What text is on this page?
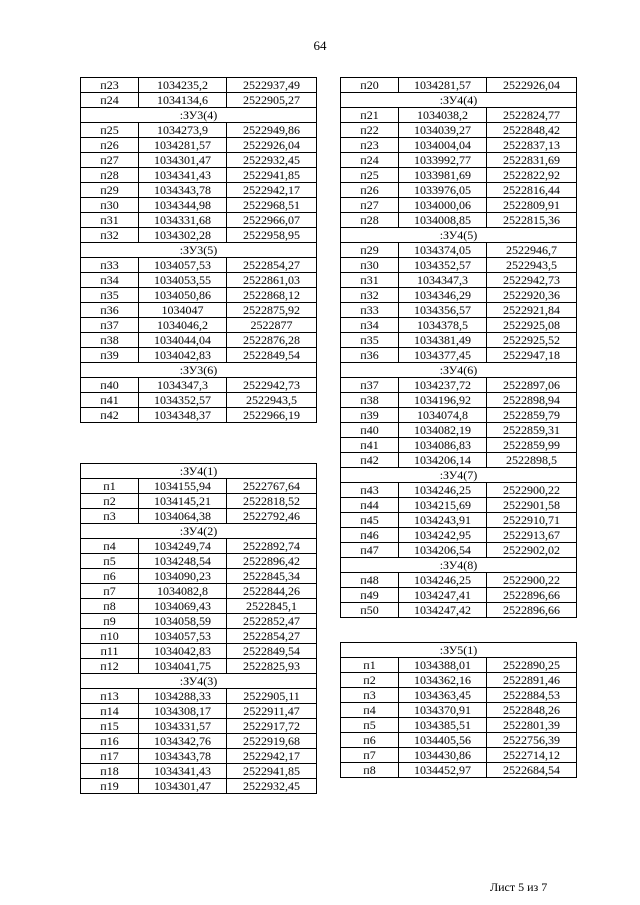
64
п23	1034235,2	2522937,49
п24	1034134,6	2522905,27
:ЗУ3(4)		
п25	1034273,9	2522949,86
п26	1034281,57	2522926,04
п27	1034301,47	2522932,45
п28	1034341,43	2522941,85
п29	1034343,78	2522942,17
п30	1034344,98	2522968,51
п31	1034331,68	2522966,07
п32	1034302,28	2522958,95
:ЗУ3(5)		
п33	1034057,53	2522854,27
п34	1034053,55	2522861,03
п35	1034050,86	2522868,12
п36	1034047	2522875,92
п37	1034046,2	2522877
п38	1034044,04	2522876,28
п39	1034042,83	2522849,54
:ЗУ3(6)		
п40	1034347,3	2522942,73
п41	1034352,57	2522943,5
п42	1034348,37	2522966,19
:ЗУ4(1)		
п1	1034155,94	2522767,64
п2	1034145,21	2522818,52
п3	1034064,38	2522792,46
:ЗУ4(2)		
п4	1034249,74	2522892,74
п5	1034248,54	2522896,42
п6	1034090,23	2522845,34
п7	1034082,8	2522844,26
п8	1034069,43	2522845,1
п9	1034058,59	2522852,47
п10	1034057,53	2522854,27
п11	1034042,83	2522849,54
п12	1034041,75	2522825,93
:ЗУ4(3)		
п13	1034288,33	2522905,11
п14	1034308,17	2522911,47
п15	1034331,57	2522917,72
п16	1034342,76	2522919,68
п17	1034343,78	2522942,17
п18	1034341,43	2522941,85
п19	1034301,47	2522932,45
п20	1034281,57	2522926,04
:ЗУ4(4)		
п21	1034038,2	2522824,77
п22	1034039,27	2522848,42
п23	1034004,04	2522837,13
п24	1033992,77	2522831,69
п25	1033981,69	2522822,92
п26	1033976,05	2522816,44
п27	1034000,06	2522809,91
п28	1034008,85	2522815,36
:ЗУ4(5)		
п29	1034374,05	2522946,7
п30	1034352,57	2522943,5
п31	1034347,3	2522942,73
п32	1034346,29	2522920,36
п33	1034356,57	2522921,84
п34	1034378,5	2522925,08
п35	1034381,49	2522925,52
п36	1034377,45	2522947,18
:ЗУ4(6)		
п37	1034237,72	2522897,06
п38	1034196,92	2522898,94
п39	1034074,8	2522859,79
п40	1034082,19	2522859,31
п41	1034086,83	2522859,99
п42	1034206,14	2522898,5
:ЗУ4(7)		
п43	1034246,25	2522900,22
п44	1034215,69	2522901,58
п45	1034243,91	2522910,71
п46	1034242,95	2522913,67
п47	1034206,54	2522902,02
:ЗУ4(8)		
п48	1034246,25	2522900,22
п49	1034247,41	2522896,66
п50	1034247,42	2522896,66
:ЗУ5(1)		
п1	1034388,01	2522890,25
п2	1034362,16	2522891,46
п3	1034363,45	2522884,53
п4	1034370,91	2522848,26
п5	1034385,51	2522801,39
п6	1034405,56	2522756,39
п7	1034430,86	2522714,12
п8	1034452,97	2522684,54
Лист 5 из 7
